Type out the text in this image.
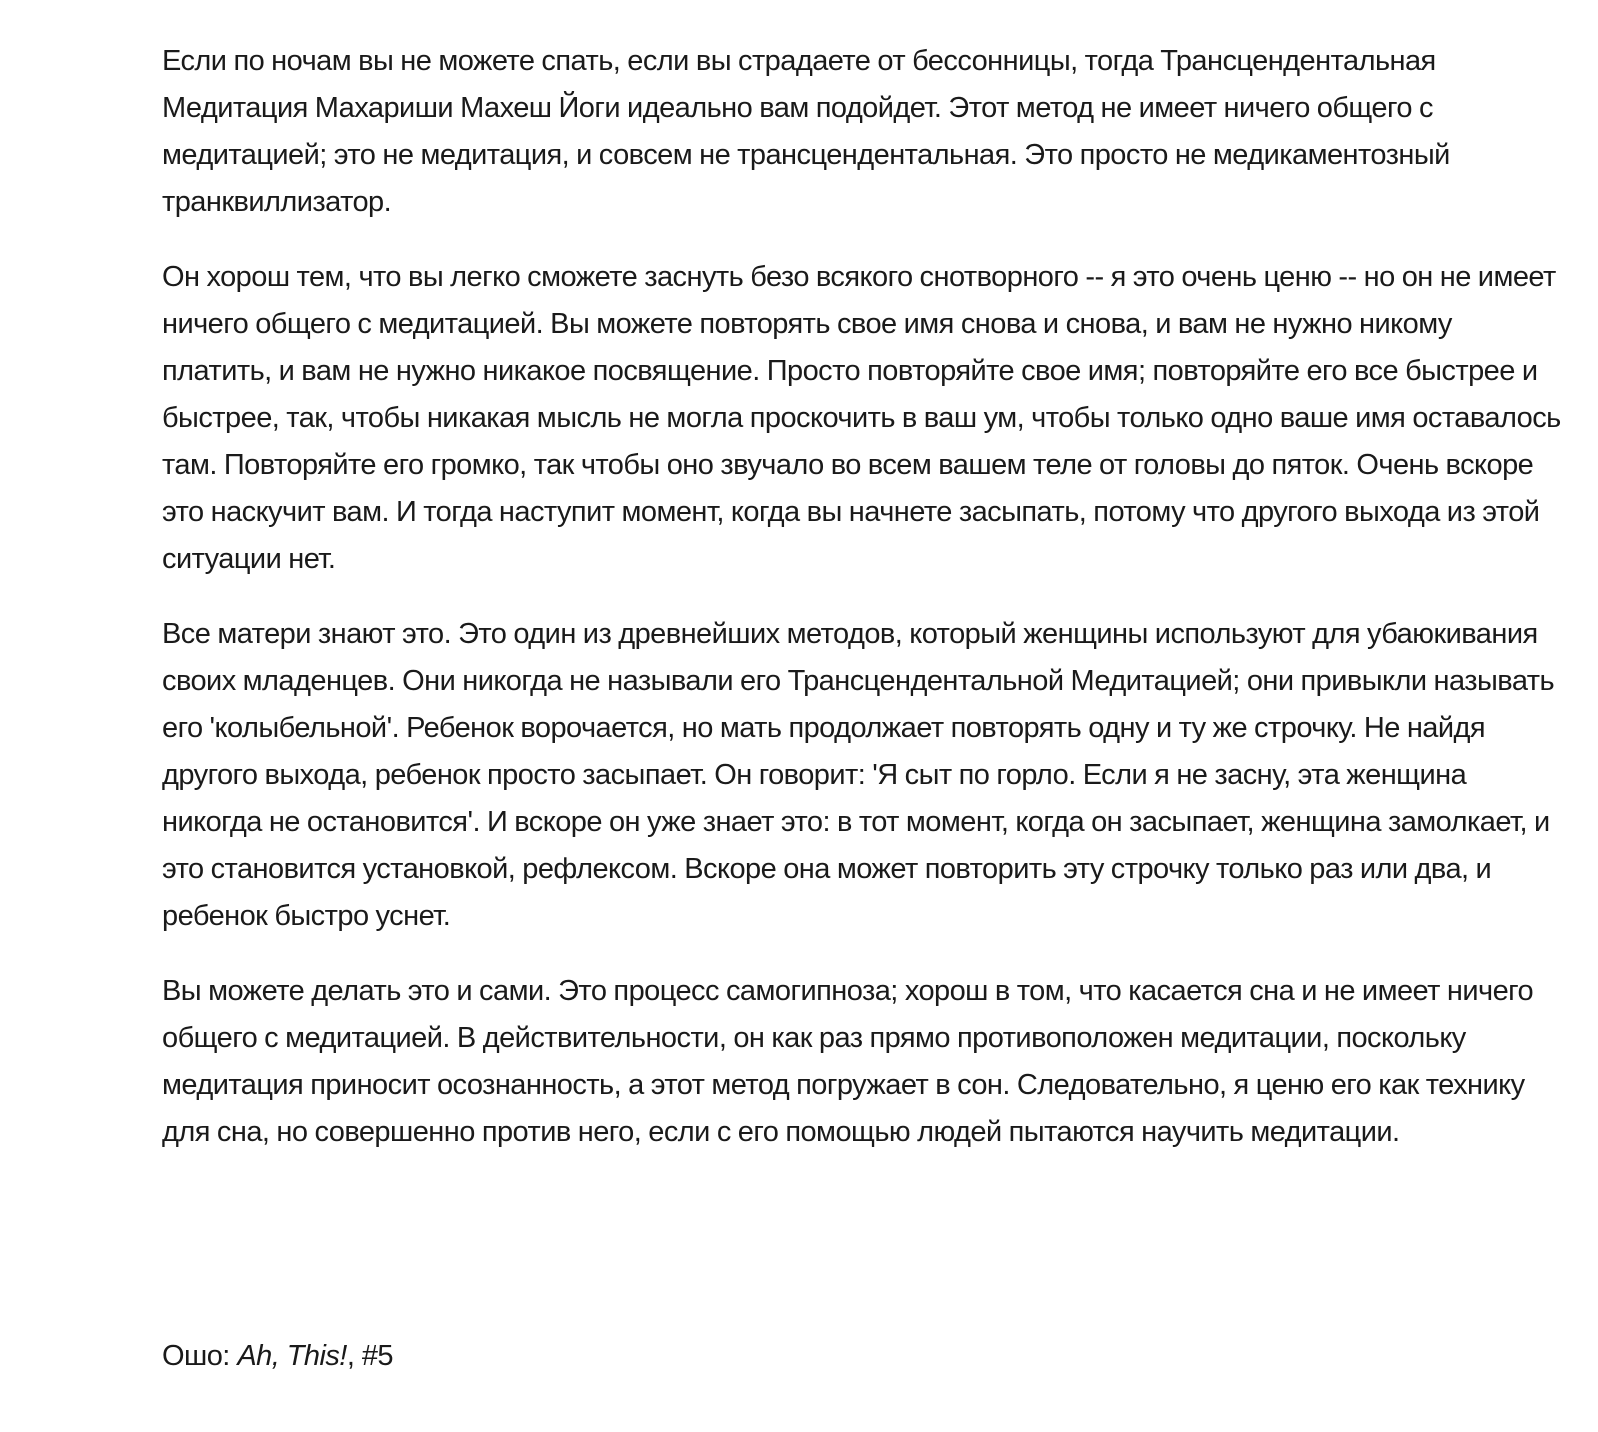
Если по ночам вы не можете спать, если вы страдаете от бессонницы, тогда Трансцендентальная Медитация Махариши Махеш Йоги идеально вам подойдет. Этот метод не имеет ничего общего с медитацией; это не медитация, и совсем не трансцендентальная. Это просто не медикаментозный транквиллизатор.

Он хорош тем, что вы легко сможете заснуть безо всякого снотворного -- я это очень ценю -- но он не имеет ничего общего с медитацией. Вы можете повторять свое имя снова и снова, и вам не нужно никому платить, и вам не нужно никакое посвящение. Просто повторяйте свое имя; повторяйте его все быстрее и быстрее, так, чтобы никакая мысль не могла проскочить в ваш ум, чтобы только одно ваше имя оставалось там. Повторяйте его громко, так чтобы оно звучало во всем вашем теле от головы до пяток. Очень вскоре это наскучит вам. И тогда наступит момент, когда вы начнете засыпать, потому что другого выхода из этой ситуации нет.

Все матери знают это. Это один из древнейших методов, который женщины используют для убаюкивания своих младенцев. Они никогда не называли его Трансцендентальной Медитацией; они привыкли называть его 'колыбельной'. Ребенок ворочается, но мать продолжает повторять одну и ту же строчку. Не найдя другого выхода, ребенок просто засыпает. Он говорит: 'Я сыт по горло. Если я не засну, эта женщина никогда не остановится'. И вскоре он уже знает это: в тот момент, когда он засыпает, женщина замолкает, и это становится установкой, рефлексом. Вскоре она может повторить эту строчку только раз или два, и ребенок быстро уснет.

Вы можете делать это и сами. Это процесс самогипноза; хорош в том, что касается сна и не имеет ничего общего с медитацией. В действительности, он как раз прямо противоположен медитации, поскольку медитация приносит осознанность, а этот метод погружает в сон. Следовательно, я ценю его как технику для сна, но совершенно против него, если с его помощью людей пытаются научить медитации.

Ошо: Ah, This!, #5
